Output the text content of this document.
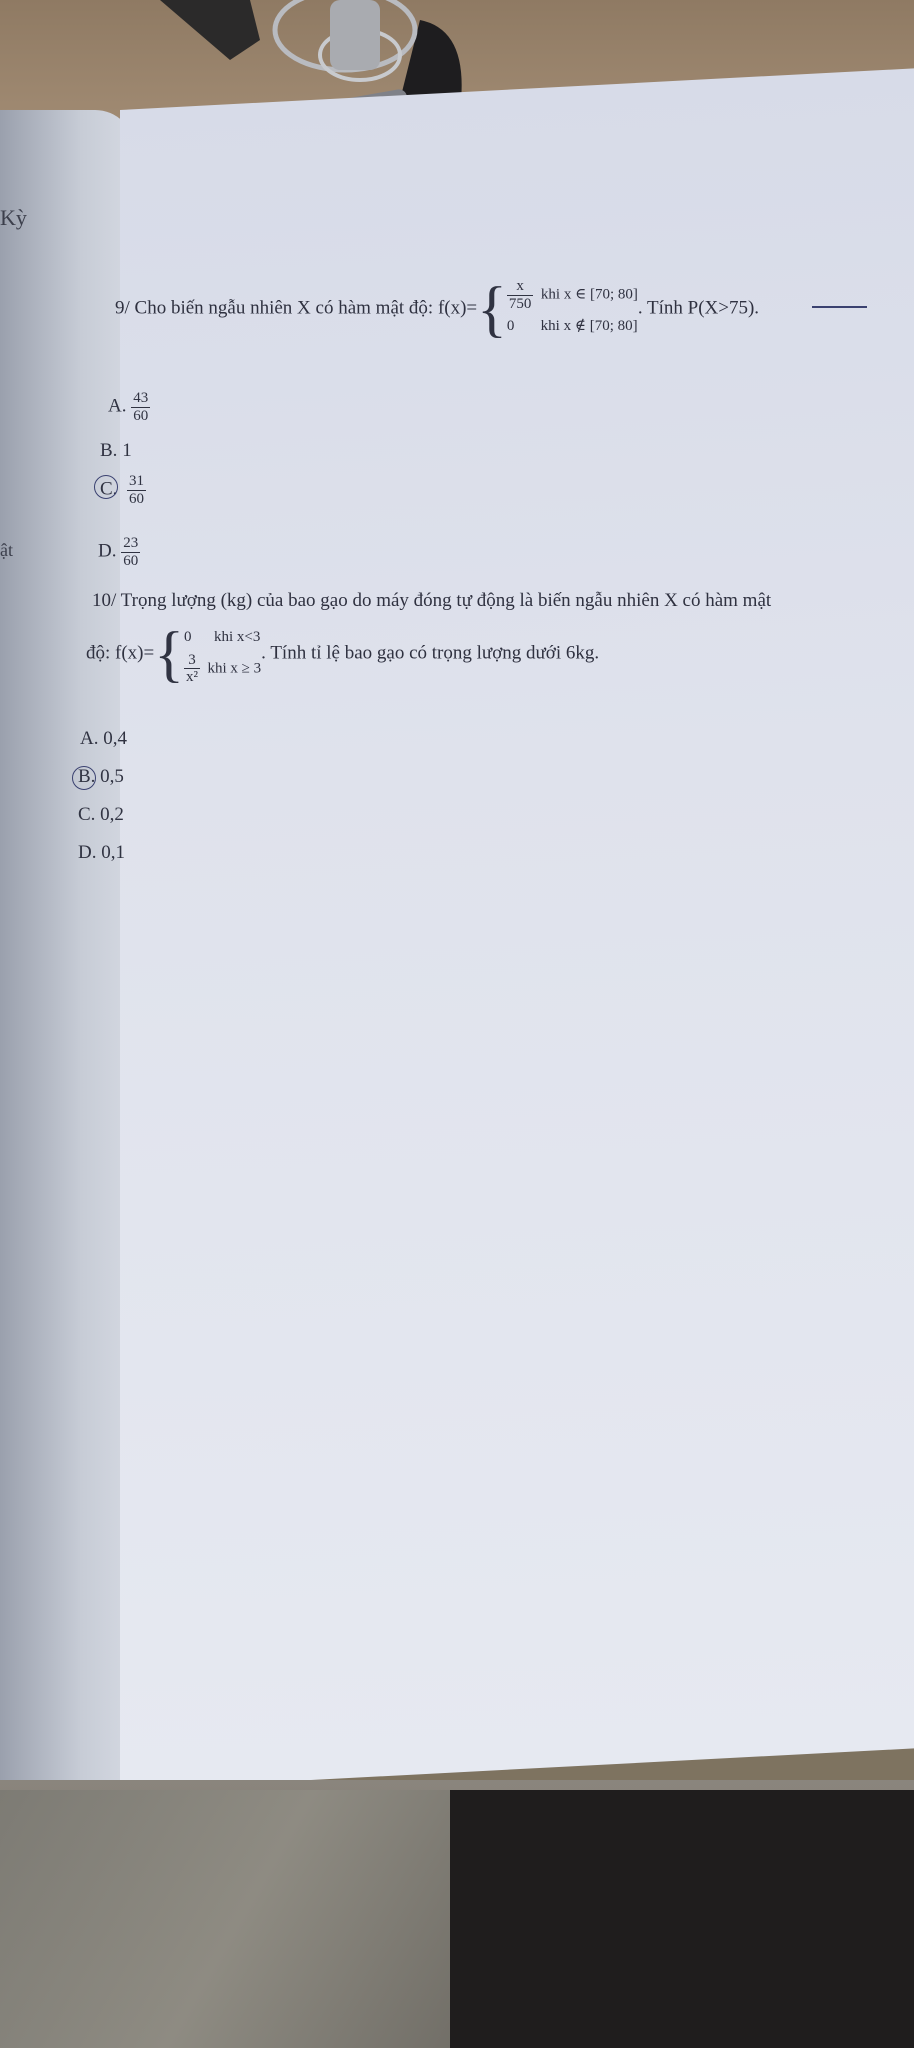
Kỳ
ật
9/ Cho biến ngẫu nhiên X có hàm mật độ: $f(x)=\{ \frac{x}{750}$ khi x ∈ [70; 80]
0 khi x ∉ [70; 80]
. Tính P(X>75).
A. $\frac{43}{60}$
B. 1
C. $\frac{31}{60}$
D. $\frac{23}{60}$
10/ Trọng lượng (kg) của bao gạo do máy đóng tự động là biến ngẫu nhiên X có hàm mật
độ: f(x)={ 0 khi x<3
$\frac{3}{\text{x²}}$ khi x ≥ 3
. Tính tỉ lệ bao gạo có trọng lượng dưới 6kg.
A. 0,4
B. 0,5
C. 0,2
D. 0,1
